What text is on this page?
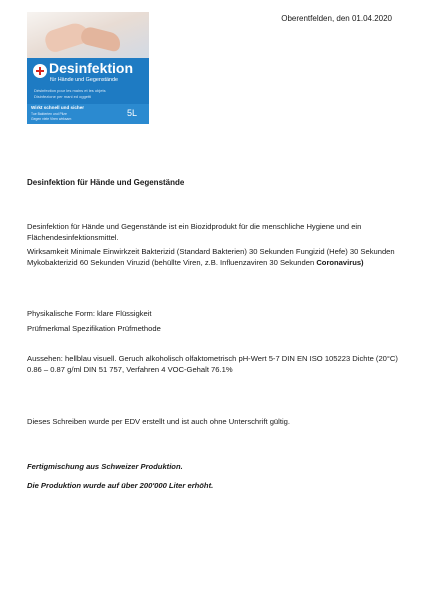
Desinfektion
für Hände und Gegenstände
Désinfection pour les mains et les objets
Disinfezione per mani ed oggetti
Wirkt schnell und sicher
Tue Bakterien und Pilze
Gegen viele Viren wirksam
5L
Oberentfelden, den 01.04.2020
Desinfektion für Hände und Gegenstände

Desinfektion für Hände und Gegenstände ist ein Biozidprodukt für die menschliche Hygiene und ein Flächendesinfektionsmittel.

Wirksamkeit Minimale Einwirkzeit Bakterizid (Standard Bakterien) 30 Sekunden Fungizid (Hefe) 30 Sekunden Mykobakterizid 60 Sekunden Viruzid (behüllte Viren, z.B. Influenzaviren 30 Sekunden Coronavirus)

Physikalische Form: klare Flüssigkeit

Prüfmerkmal Spezifikation Prüfmethode

Aussehen: hellblau visuell. Geruch alkoholisch olfaktometrisch pH-Wert 5-7 DIN EN ISO 105223 Dichte (20°C) 0.86 – 0.87 g/ml DIN 51 757, Verfahren 4 VOC-Gehalt 76.1%

Dieses Schreiben wurde per EDV erstellt und ist auch ohne Unterschrift gültig.

Fertigmischung aus Schweizer Produktion.
Die Produktion wurde auf über 200'000 Liter erhöht.
